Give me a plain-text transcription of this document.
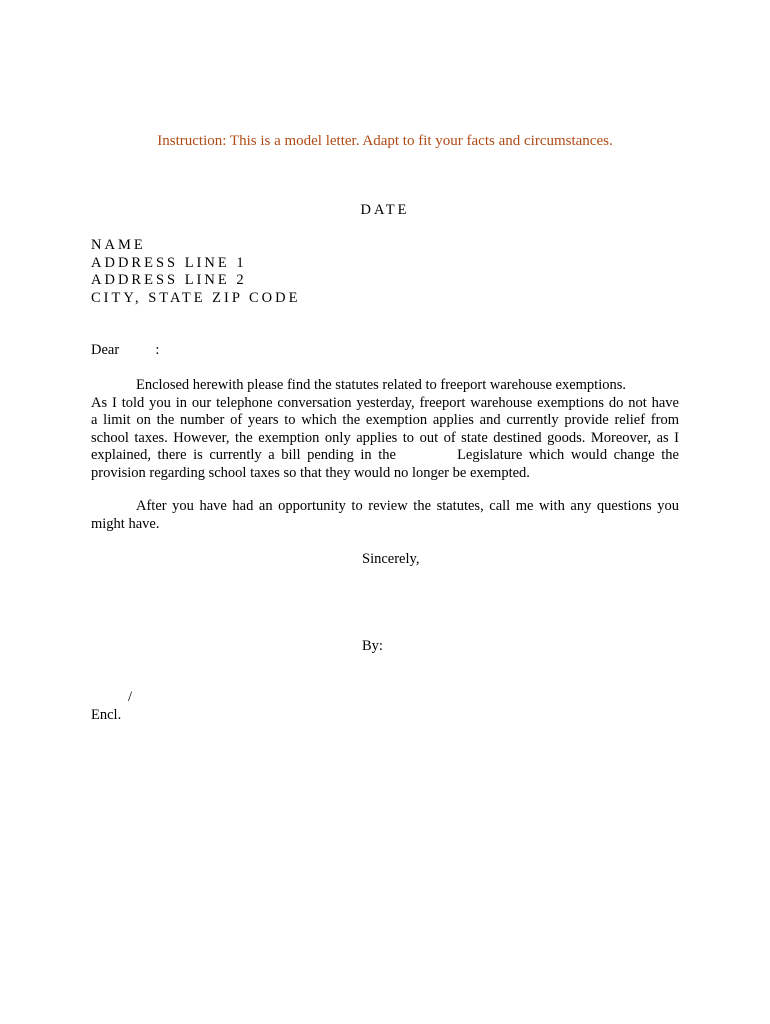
Instruction: This is a model letter. Adapt to fit your facts and circumstances.
DATE
NAME
ADDRESS LINE 1
ADDRESS LINE 2
CITY, STATE ZIP CODE
Dear          :
Enclosed herewith please find the statutes related to freeport warehouse exemptions.
As I told you in our telephone conversation yesterday, freeport warehouse exemptions do not have
a limit on the number of years to which the exemption applies and currently provide relief from
school taxes. However, the exemption only applies to out of state destined goods. Moreover, as I
explained, there is currently a bill pending in the	Legislature which would change the
provision regarding school taxes so that they would no longer be exempted.
After you have had an opportunity to review the statutes, call me with any questions you
might have.
Sincerely,
By:
/
Encl.
